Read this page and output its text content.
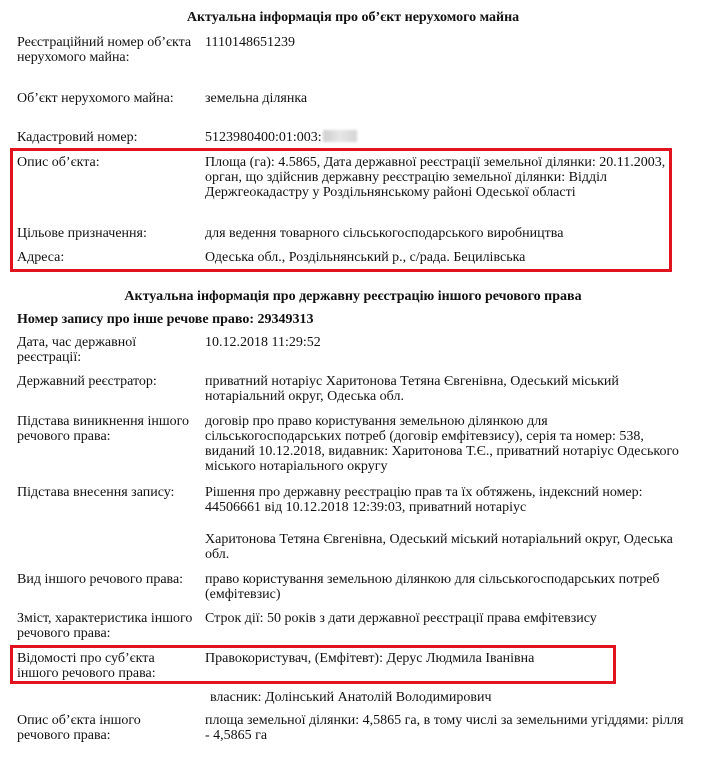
Актуальна інформація про об’єкт нерухомого майна
Реєстраційний номер об’єкта нерухомого майна:
1110148651239
Об’єкт нерухомого майна:	земельна ділянка
Кадастровий номер:	5123980400:01:003:
Опис об’єкта:	Площа (га): 4.5865, Дата державної реєстрації земельної ділянки: 20.11.2003, орган, що здійснив державну реєстрацію земельної ділянки: Відділ Держгеокадастру у Роздільнянському районі Одеської області
Цільове призначення:	для ведення товарного сільськогосподарського виробництва
Адреса:	Одеська обл., Роздільнянський р., с/рада. Бецилівська
Актуальна інформація про державну реєстрацію іншого речового права
Номер запису про інше речове право: 29349313
Дата, час державної реєстрації:
10.12.2018 11:29:52
Державний реєстратор:	приватний нотаріус Харитонова Тетяна Євгенівна, Одеський міський нотаріальний округ, Одеська обл.
Підстава виникнення іншого речового права:
договір про право користування земельною ділянкою для сільськогосподарських потреб (договір емфітевзису), серія та номер: 538, виданий 10.12.2018, видавник: Харитонова Т.Є., приватний нотаріус Одеського міського нотаріального округу
Підстава внесення запису:	Рішення про державну реєстрацію прав та їх обтяжень, індексний номер: 44506661 від 10.12.2018 12:39:03, приватний нотаріус
Харитонова Тетяна Євгенівна, Одеський міський нотаріальний округ, Одеська обл.
Вид іншого речового права:	право користування земельною ділянкою для сільськогосподарських потреб (емфітевзис)
Зміст, характеристика іншого речового права:
Строк дії: 50 років з дати державної реєстрації права емфітевзису
Відомості про суб’єкта іншого речового права:
Правокористувач, (Емфітевт): Дерус Людмила Іванівна
власник: Долінський Анатолій Володимирович
Опис об’єкта іншого речового права:
площа земельної ділянки: 4,5865 га, в тому числі за земельними угіддями: рілля - 4,5865 га
